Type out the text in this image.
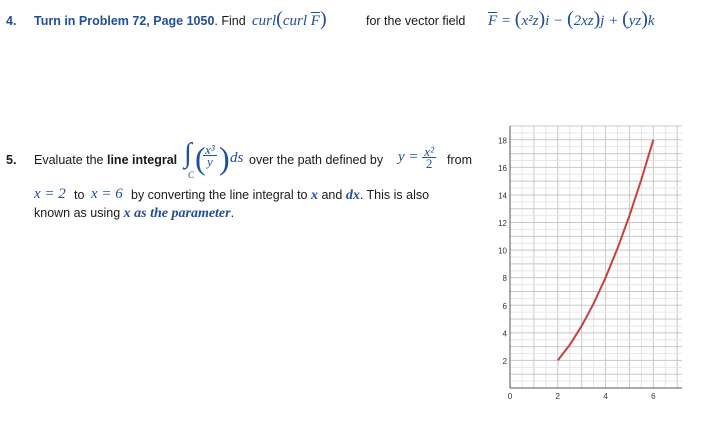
4. Turn in Problem 72, Page 1050. Find curl(curl $\overline{F}$)	for the vector field $\overline{F} = (x^2z)i - (2xz)j + (yz)k$
5. Evaluate the line integral ∫
C (
$\frac{\text{x³}}{y}$ ) ds over the path defined by $y = \frac{\text{x²}}{2}$ from
x = 2 to x = 6 by converting the line integral to x and dx. This is also
known as using x as the parameter.
2
4
6
8
10
12
14
16
18
0	2	4	6
